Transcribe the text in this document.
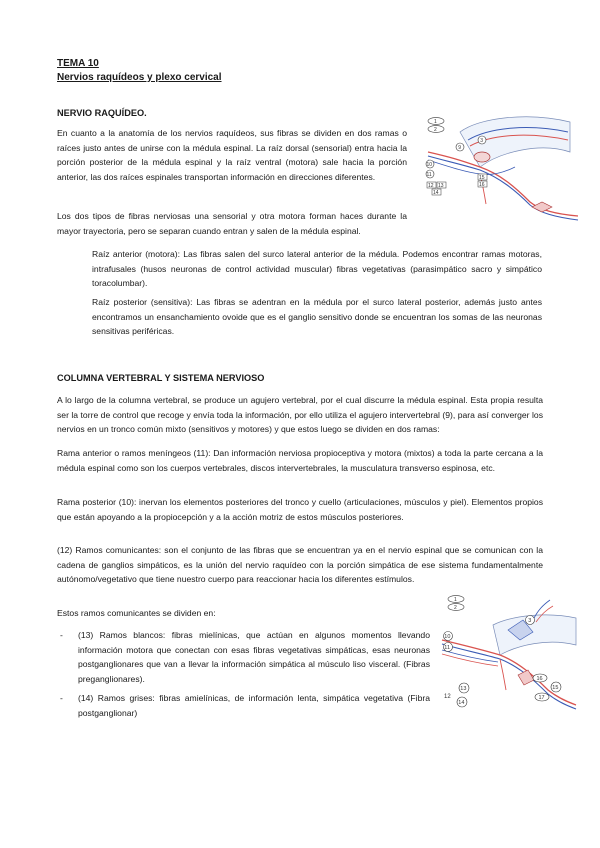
TEMA 10
Nervios raquídeos y plexo cervical
NERVIO RAQUÍDEO.

En cuanto a la anatomía de los nervios raquídeos, sus fibras se dividen en dos ramas o raíces justo antes de unirse con la médula espinal. La raíz dorsal (sensorial) entra hacia la porción posterior de la médula espinal y la raíz ventral (motora) sale hacia la porción anterior, las dos raíces espinales transportan información en direcciones diferentes.

Los dos tipos de fibras nerviosas una sensorial y otra motora forman haces durante la mayor trayectoria, pero se separan cuando entran y salen de la médula espinal.

Raíz anterior (motora): Las fibras salen del surco lateral anterior de la médula. Podemos encontrar ramas motoras, intrafusales (husos neuronas de control actividad muscular) fibras vegetativas (parasimpático sacro y simpático toracolumbar).

Raíz posterior (sensitiva): Las fibras se adentran en la médula por el surco lateral posterior, además justo antes encontramos un ensanchamiento ovoide que es el ganglio sensitivo donde se encuentran los somas de las neuronas sensitivas periféricas.

1
2
3
9
10
11
12 13
14
15
16
COLUMNA VERTEBRAL Y SISTEMA NERVIOSO

A lo largo de la columna vertebral, se produce un agujero vertebral, por el cual discurre la médula espinal. Esta propia resulta ser la torre de control que recoge y envía toda la información, por ello utiliza el agujero intervertebral (9), para así converger los nervios en un tronco común mixto (sensitivos y motores) y que estos luego se dividen en dos ramas:

Rama anterior o ramos meníngeos (11): Dan información nerviosa propioceptiva y motora (mixtos) a toda la parte cercana a la médula espinal como son los cuerpos vertebrales, discos intervertebrales, la musculatura transverso espinosa, etc.

Rama posterior (10): inervan los elementos posteriores del tronco y cuello (articulaciones, músculos y piel). Elementos propios que están apoyando a la propiocepción y a la acción motriz de estos músculos posteriores.

(12) Ramos comunicantes: son el conjunto de las fibras que se encuentran ya en el nervio espinal que se comunican con la cadena de ganglios simpáticos, es la unión del nervio raquídeo con la porción simpática de ese sistema fundamentalmente autónomo/vegetativo que tiene nuestro cuerpo para reaccionar hacia los diferentes estímulos.

Estos ramos comunicantes se dividen en:

- (13) Ramos blancos: fibras mielínicas, que actúan en algunos momentos llevando información motora que conectan con esas fibras vegetativas simpáticas, esas neuronas postganglionares que van a llevar la información simpática al músculo liso visceral. (Fibras preganglionares).

- (14) Ramos grises: fibras amielínicas, de información lenta, simpática vegetativa (Fibra postganglionar)

1
2
3
10
11
12
13
14
15
16
17
